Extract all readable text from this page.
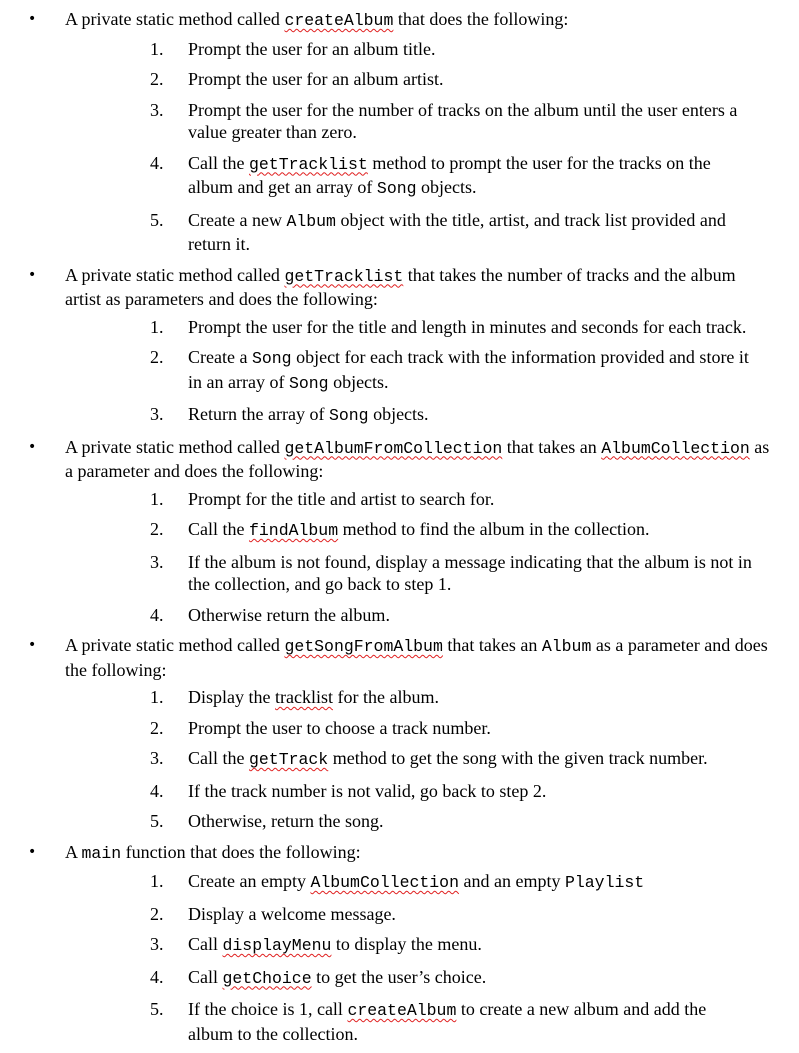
• A private static method called createAlbum that does the following:
1. Prompt the user for an album title.
2. Prompt the user for an album artist.
3. Prompt the user for the number of tracks on the album until the user enters a value greater than zero.
4. Call the getTracklist method to prompt the user for the tracks on the album and get an array of Song objects.
5. Create a new Album object with the title, artist, and track list provided and return it.
• A private static method called getTracklist that takes the number of tracks and the album artist as parameters and does the following:
1. Prompt the user for the title and length in minutes and seconds for each track.
2. Create a Song object for each track with the information provided and store it in an array of Song objects.
3. Return the array of Song objects.
• A private static method called getAlbumFromCollection that takes an AlbumCollection as a parameter and does the following:
1. Prompt for the title and artist to search for.
2. Call the findAlbum method to find the album in the collection.
3. If the album is not found, display a message indicating that the album is not in the collection, and go back to step 1.
4. Otherwise return the album.
• A private static method called getSongFromAlbum that takes an Album as a parameter and does the following:
1. Display the tracklist for the album.
2. Prompt the user to choose a track number.
3. Call the getTrack method to get the song with the given track number.
4. If the track number is not valid, go back to step 2.
5. Otherwise, return the song.
• A main function that does the following:
1. Create an empty AlbumCollection and an empty Playlist
2. Display a welcome message.
3. Call displayMenu to display the menu.
4. Call getChoice to get the user’s choice.
5. If the choice is 1, call createAlbum to create a new album and add the album to the collection.
